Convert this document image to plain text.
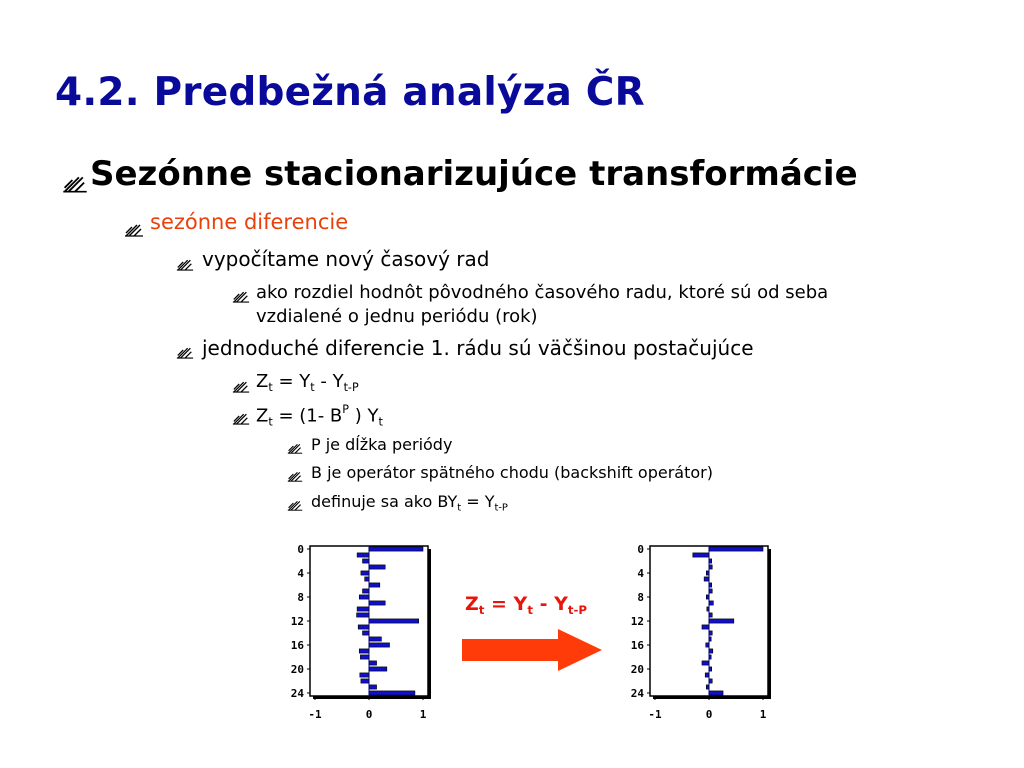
4.2. Predbežná analýza ČR
Sezónne stacionarizujúce transformácie
sezónne diferencie
vypočítame nový časový rad
ako rozdiel hodnôt pôvodného časového radu, ktoré sú od seba vzdialené o jednu periódu (rok)
jednoduché diferencie 1. rádu sú väčšinou postačujúce
$Z_t = Y_t - Y_{t-P}$
$Z_t = (1-$ $B^P$ ) $Y_t$
P je dĺžka periódy
B je operátor spätného chodu (backshift operátor)
definuje sa ako $BY_t = Y_{t-P}$
0
4
8
12
16
20
24
-1	0	1
0
4
8
12
16
20
24
-1	0	1
$Z_t = Y_t - Y_{t-P}$
